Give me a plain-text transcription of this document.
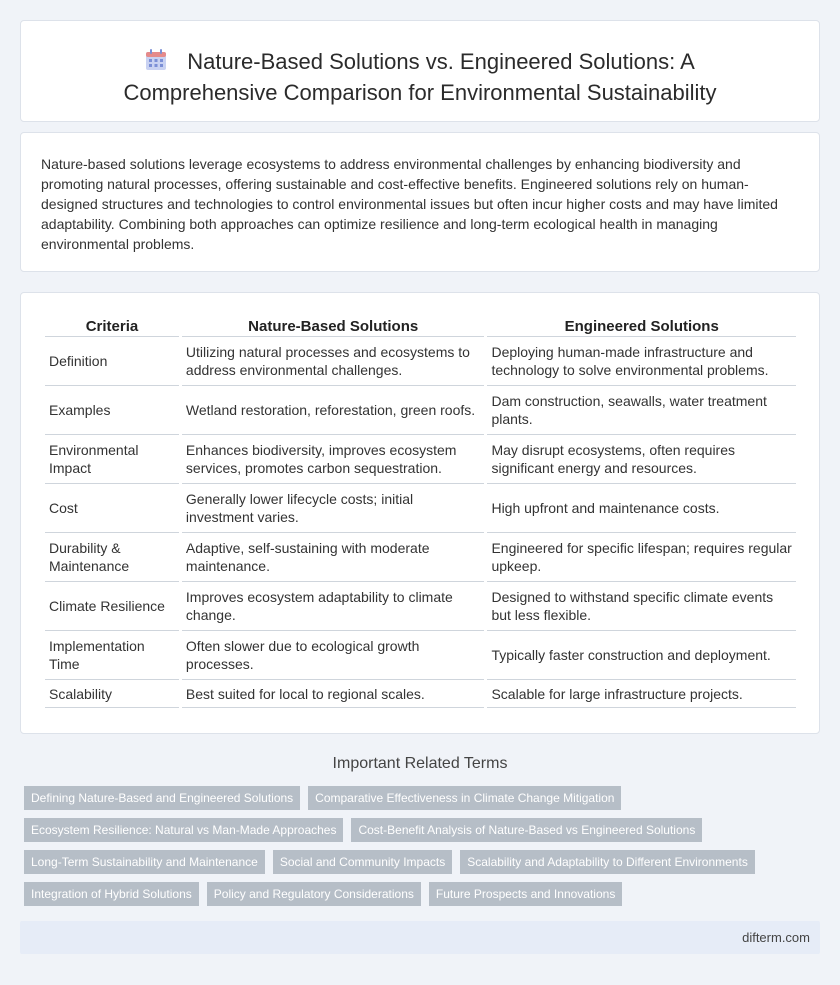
Nature-Based Solutions vs. Engineered Solutions: A
Comprehensive Comparison for Environmental Sustainability

Nature-based solutions leverage ecosystems to address environmental challenges by enhancing biodiversity and promoting natural processes, offering sustainable and cost-effective benefits. Engineered solutions rely on human-designed structures and technologies to control environmental issues but often incur higher costs and may have limited adaptability. Combining both approaches can optimize resilience and long-term ecological health in managing environmental problems.

Criteria	Nature-Based Solutions	Engineered Solutions
Definition	Utilizing natural processes and ecosystems to address environmental challenges.	Deploying human-made infrastructure and technology to solve environmental problems.
Examples	Wetland restoration, reforestation, green roofs.	Dam construction, seawalls, water treatment plants.
Environmental Impact	Enhances biodiversity, improves ecosystem services, promotes carbon sequestration.	May disrupt ecosystems, often requires significant energy and resources.
Cost	Generally lower lifecycle costs; initial investment varies.	High upfront and maintenance costs.
Durability & Maintenance	Adaptive, self-sustaining with moderate maintenance.	Engineered for specific lifespan; requires regular upkeep.
Climate Resilience	Improves ecosystem adaptability to climate change.	Designed to withstand specific climate events but less flexible.
Implementation Time	Often slower due to ecological growth processes.	Typically faster construction and deployment.
Scalability	Best suited for local to regional scales.	Scalable for large infrastructure projects.
Important Related Terms
Defining Nature-Based and Engineered Solutions	Comparative Effectiveness in Climate Change Mitigation
Ecosystem Resilience: Natural vs Man-Made Approaches	Cost-Benefit Analysis of Nature-Based vs Engineered Solutions
Long-Term Sustainability and Maintenance	Social and Community Impacts	Scalability and Adaptability to Different Environments
Integration of Hybrid Solutions	Policy and Regulatory Considerations	Future Prospects and Innovations
difterm.com
